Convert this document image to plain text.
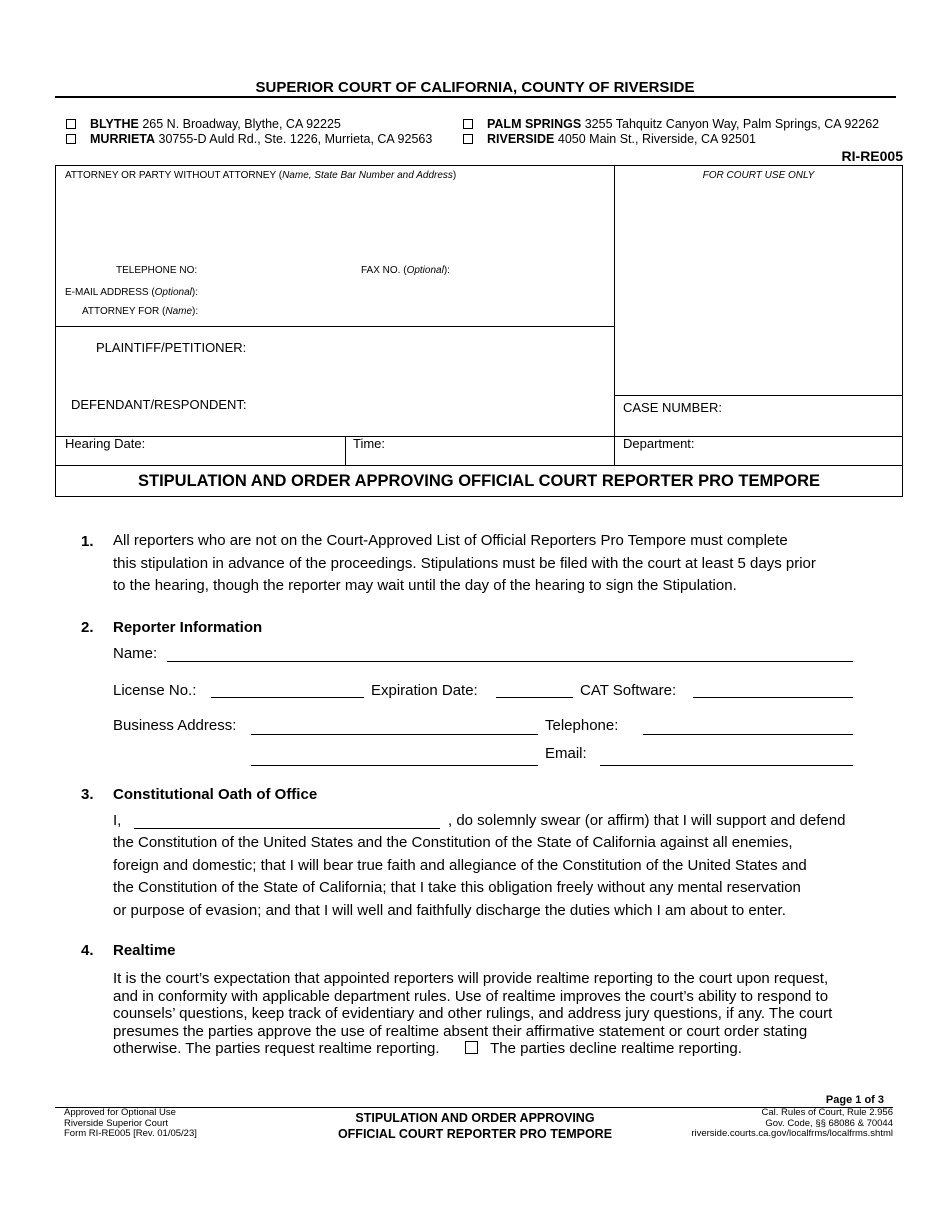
SUPERIOR COURT OF CALIFORNIA, COUNTY OF RIVERSIDE
BLYTHE 265 N. Broadway, Blythe, CA 92225
MURRIETA 30755-D Auld Rd., Ste. 1226, Murrieta, CA 92563
PALM SPRINGS 3255 Tahquitz Canyon Way, Palm Springs, CA 92262
RIVERSIDE 4050 Main St., Riverside, CA 92501
RI-RE005
ATTORNEY OR PARTY WITHOUT ATTORNEY (Name, State Bar Number and Address)	FOR COURT USE ONLY
TELEPHONE NO:	FAX NO. (Optional):
E-MAIL ADDRESS (Optional):
ATTORNEY FOR (Name):
PLAINTIFF/PETITIONER:
DEFENDANT/RESPONDENT:	CASE NUMBER:
Hearing Date:	Time:	Department:
STIPULATION AND ORDER APPROVING OFFICIAL COURT REPORTER PRO TEMPORE
1. All reporters who are not on the Court-Approved List of Official Reporters Pro Tempore must complete
this stipulation in advance of the proceedings. Stipulations must be filed with the court at least 5 days prior
to the hearing, though the reporter may wait until the day of the hearing to sign the Stipulation.
2. Reporter Information
Name:
License No.:	Expiration Date:	CAT Software:
Business Address:	Telephone:
Email:
3. Constitutional Oath of Office
I,	, do solemnly swear (or affirm) that I will support and defend
the Constitution of the United States and the Constitution of the State of California against all enemies,
foreign and domestic; that I will bear true faith and allegiance of the Constitution of the United States and
the Constitution of the State of California; that I take this obligation freely without any mental reservation
or purpose of evasion; and that I will well and faithfully discharge the duties which I am about to enter.
4. Realtime
It is the court’s expectation that appointed reporters will provide realtime reporting to the court upon request,
and in conformity with applicable department rules. Use of realtime improves the court’s ability to respond to
counsels’ questions, keep track of evidentiary and other rulings, and address jury questions, if any. The court
presumes the parties approve the use of realtime absent their affirmative statement or court order stating
otherwise. The parties request realtime reporting.	The parties decline realtime reporting.
Page 1 of 3
Approved for Optional Use
Riverside Superior Court
Form RI-RE005 [Rev. 01/05/23]
STIPULATION AND ORDER APPROVING
OFFICIAL COURT REPORTER PRO TEMPORE
Cal. Rules of Court, Rule 2.956
Gov. Code, §§ 68086 & 70044
riverside.courts.ca.gov/localfrms/localfrms.shtml
